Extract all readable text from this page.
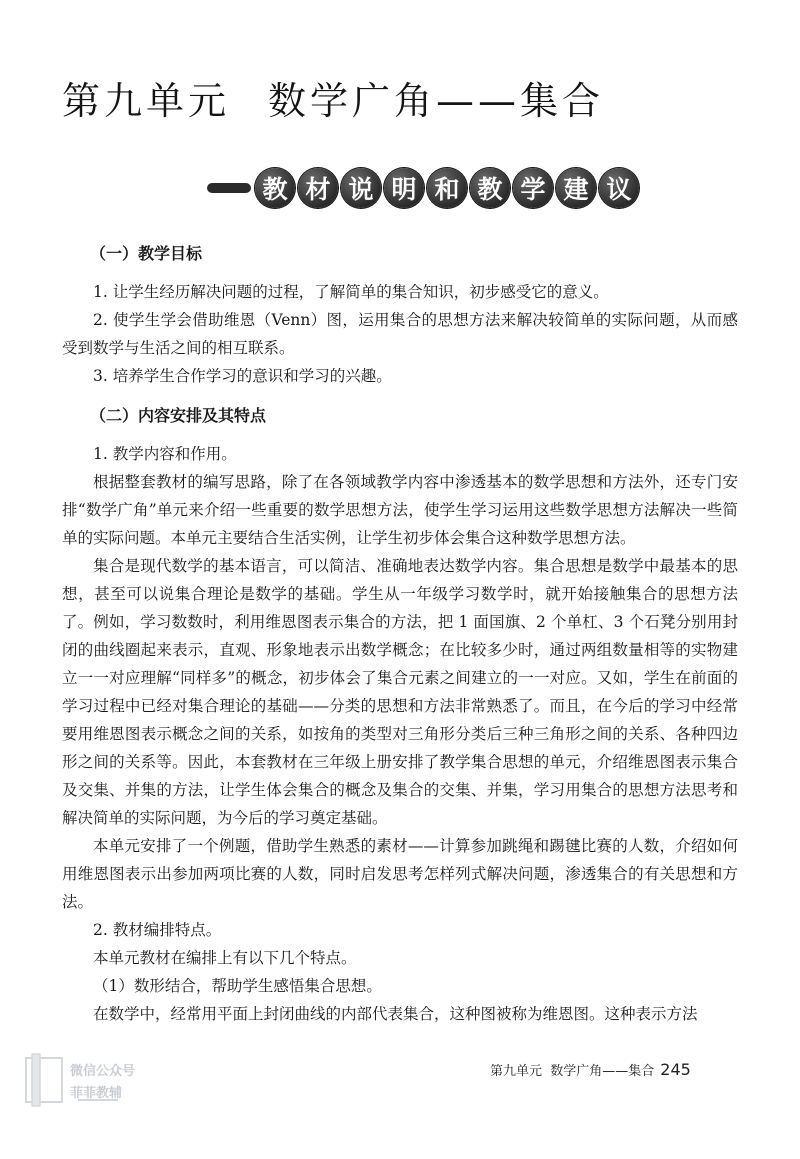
第九单元 数学广角——集合
教 材 说 明 和 教 学 建 议
（一）教学目标

1. 让学生经历解决问题的过程，了解简单的集合知识，初步感受它的意义。

2. 使学生学会借助维恩（Venn）图，运用集合的思想方法来解决较简单的实际问题，从而感受到数学与生活之间的相互联系。

3. 培养学生合作学习的意识和学习的兴趣。

（二）内容安排及其特点

1. 教学内容和作用。

根据整套教材的编写思路，除了在各领域教学内容中渗透基本的数学思想和方法外，还专门安排“数学广角”单元来介绍一些重要的数学思想方法，使学生学习运用这些数学思想方法解决一些简单的实际问题。本单元主要结合生活实例，让学生初步体会集合这种数学思想方法。

集合是现代数学的基本语言，可以简洁、准确地表达数学内容。集合思想是数学中最基本的思想，甚至可以说集合理论是数学的基础。学生从一年级学习数学时，就开始接触集合的思想方法了。例如，学习数数时，利用维恩图表示集合的方法，把 1 面国旗、2 个单杠、3 个石凳分别用封闭的曲线圈起来表示，直观、形象地表示出数学概念；在比较多少时，通过两组数量相等的实物建立一一对应理解“同样多”的概念，初步体会了集合元素之间建立的一一对应。又如，学生在前面的学习过程中已经对集合理论的基础——分类的思想和方法非常熟悉了。而且，在今后的学习中经常要用维恩图表示概念之间的关系，如按角的类型对三角形分类后三种三角形之间的关系、各种四边形之间的关系等。因此，本套教材在三年级上册安排了教学集合思想的单元，介绍维恩图表示集合及交集、并集的方法，让学生体会集合的概念及集合的交集、并集，学习用集合的思想方法思考和解决简单的实际问题，为今后的学习奠定基础。

本单元安排了一个例题，借助学生熟悉的素材——计算参加跳绳和踢毽比赛的人数，介绍如何用维恩图表示出参加两项比赛的人数，同时启发思考怎样列式解决问题，渗透集合的有关思想和方法。

2. 教材编排特点。

本单元教材在编排上有以下几个特点。

（1）数形结合，帮助学生感悟集合思想。

在数学中，经常用平面上封闭曲线的内部代表集合，这种图被称为维恩图。这种表示方法

第九单元 数学广角——集合 245
微信公众号
菲菲教辅
